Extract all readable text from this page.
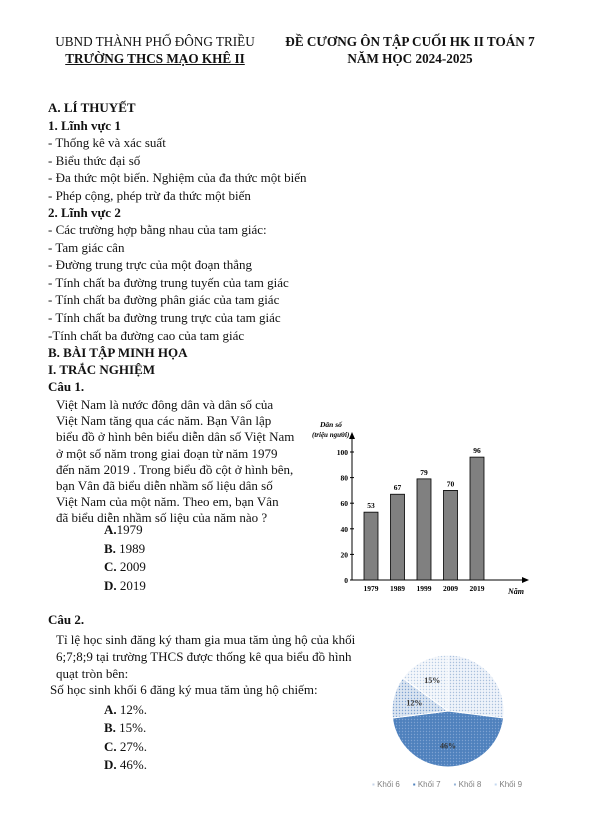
UBND THÀNH PHỐ ĐÔNG TRIỀU
TRƯỜNG THCS MẠO KHÊ II
ĐỀ CƯƠNG ÔN TẬP CUỐI HK II TOÁN 7
NĂM HỌC 2024-2025
A. LÍ THUYẾT
1. Lĩnh vực 1
- Thống kê và xác suất
- Biểu thức đại số
- Đa thức một biến. Nghiệm của đa thức một biến
- Phép cộng, phép trừ đa thức một biến
2. Lĩnh vực 2
- Các trường hợp bằng nhau của tam giác:
- Tam giác cân
- Đường trung trực của một đoạn thẳng
- Tính chất ba đường trung tuyến của tam giác
- Tính chất ba đường phân giác của tam giác
- Tính chất ba đường trung trực của tam giác
-Tính chất ba đường cao của tam giác
B. BÀI TẬP MINH HỌA
I. TRẮC NGHIỆM
Câu 1.
Việt Nam là nước đông dân và dân số của
Việt Nam tăng qua các năm. Bạn Vân lập
biểu đồ ở hình bên biểu diễn dân số Việt Nam
ở một số năm trong giai đoạn từ năm 1979
đến năm 2019 . Trong biểu đồ cột ở hình bên,
bạn Vân đã biểu diễn nhầm số liệu dân số
Việt Nam của một năm. Theo em, bạn Vân
đã biểu diễn nhầm số liệu của năm nào ?
A.1979
B. 1989
C. 2009
D. 2019
Dân số
(triệu người)
Năm
0
20
40
60
80
100
53
1979
67
1989
79
1999
70
2009
96
2019
Câu 2.
Tỉ lệ học sinh đăng ký tham gia mua tăm ủng hộ của khối
6;7;8;9 tại trường THCS được thống kê qua biểu đồ hình
quạt tròn bên:
Số học sinh khối 6 đăng ký mua tăm ủng hộ chiếm:
A. 12%.
B. 15%.
C. 27%.
D. 46%.
46%
12%
15%
▪ Khối 6 ▪ Khối 7 ▪ Khối 8 ▪ Khối 9
